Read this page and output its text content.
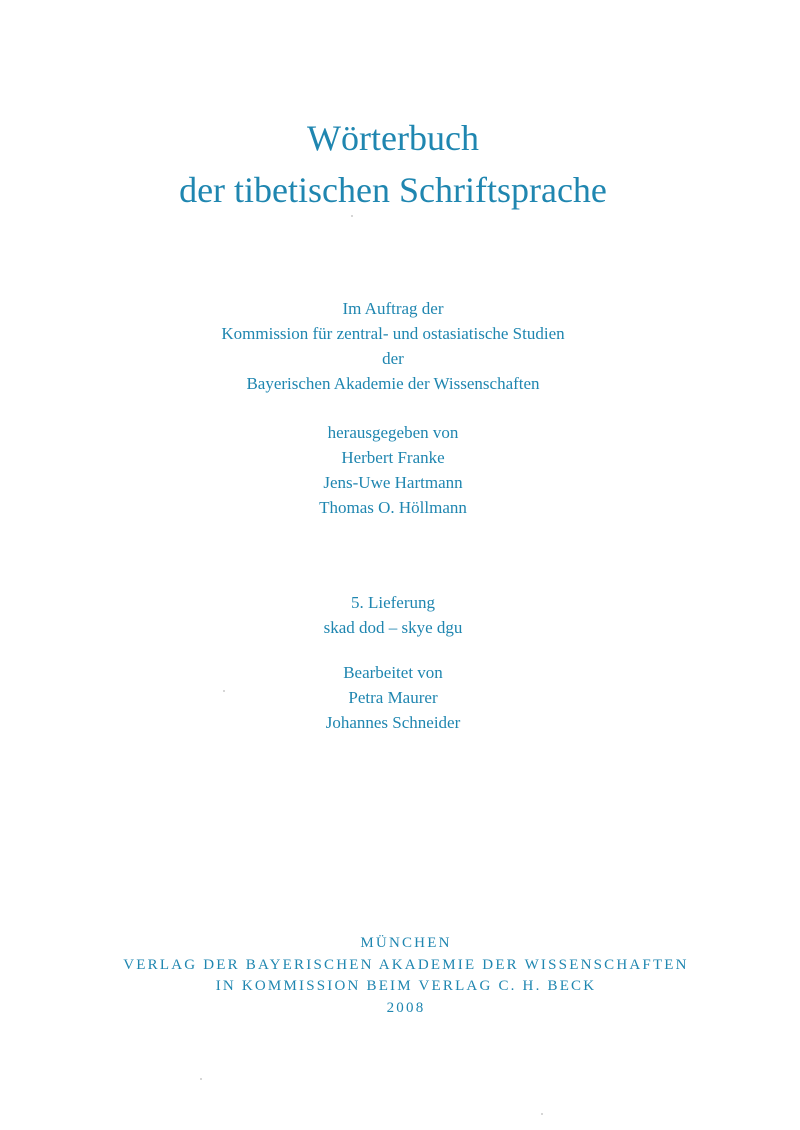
Wörterbuch
der tibetischen Schriftsprache
Im Auftrag der
Kommission für zentral- und ostasiatische Studien
der
Bayerischen Akademie der Wissenschaften
herausgegeben von
Herbert Franke
Jens-Uwe Hartmann
Thomas O. Höllmann
5. Lieferung
skad dod – skye dgu
Bearbeitet von
Petra Maurer
Johannes Schneider
MÜNCHEN
VERLAG DER BAYERISCHEN AKADEMIE DER WISSENSCHAFTEN
IN KOMMISSION BEIM VERLAG C. H. BECK
2008
